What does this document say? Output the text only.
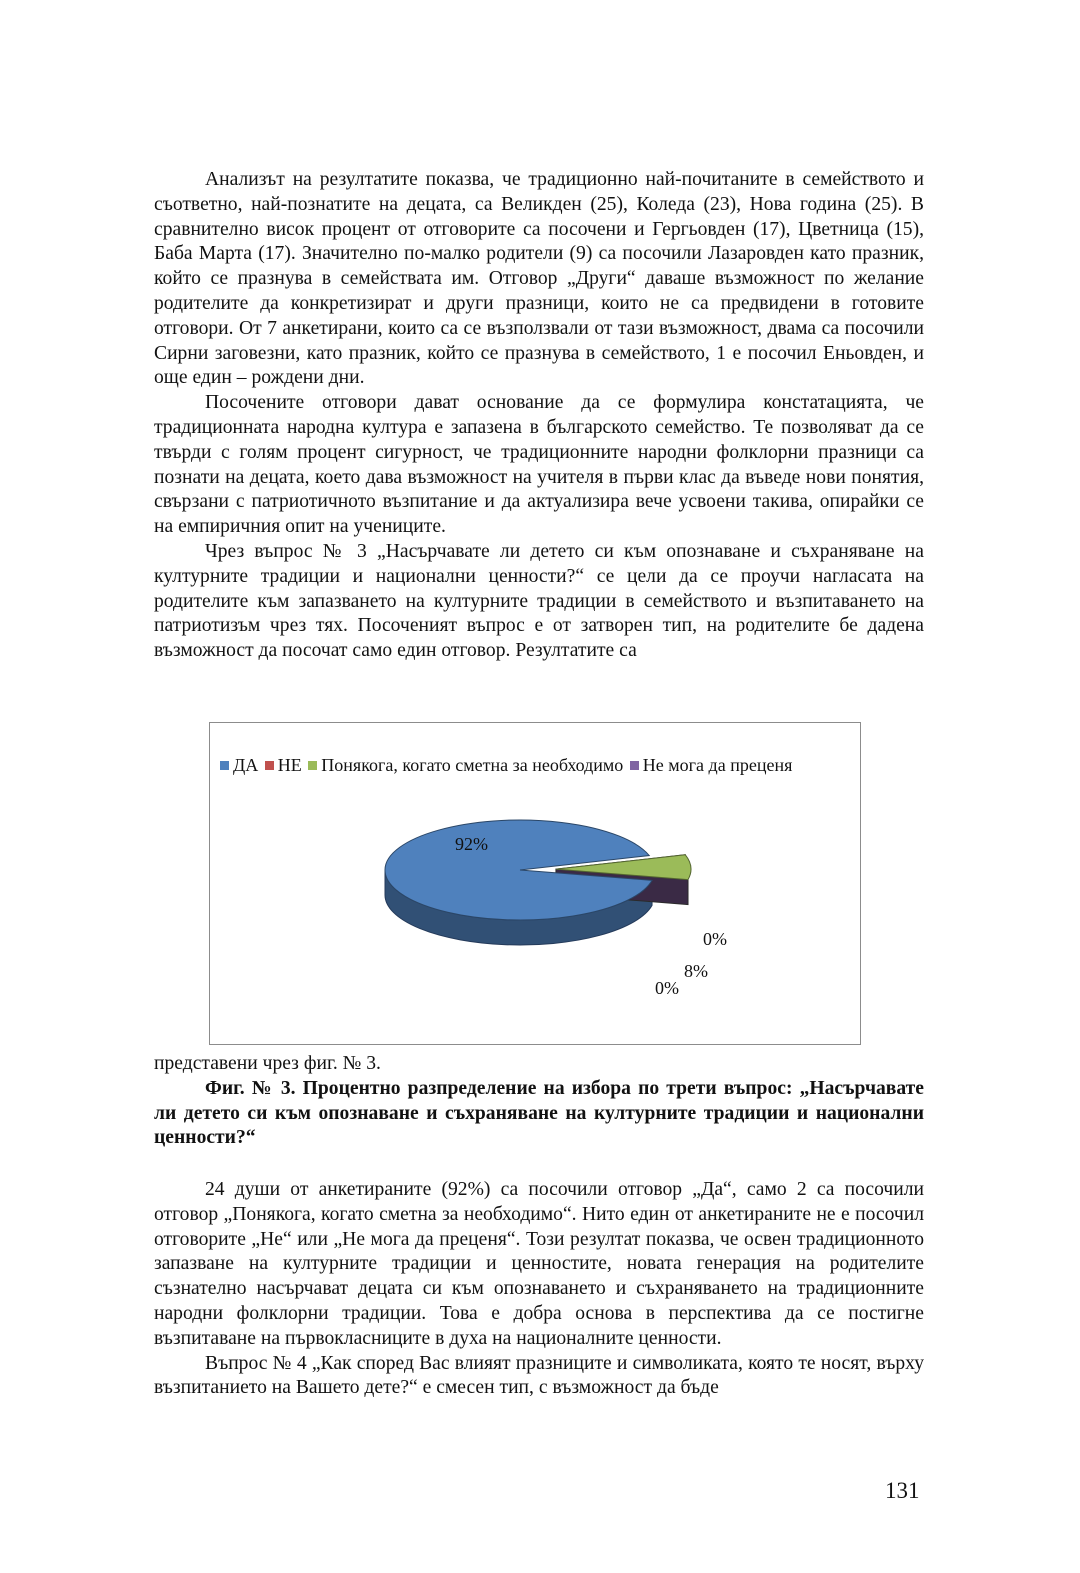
Анализът на резултатите показва, че традиционно най-почитаните в семейството и съответно, най-познатите на децата, са Великден (25), Коледа (23), Нова година (25). В сравнително висок процент от отговорите са посочени и Гергьовден (17), Цветница (15), Баба Марта (17). Значително по-малко родители (9) са посочили Лазаровден като празник, който се празнува в семействата им. Отговор „Други“ даваше възможност по желание родителите да конкретизират и други празници, които не са предвидени в готовите отговори. От 7 анкетирани, които са се възползвали от тази възможност, двама са посочили Сирни заговезни, като празник, който се празнува в семейството, 1 е посочил Еньовден, и още един – рождени дни.

Посочените отговори дават основание да се формулира констатацията, че традиционната народна култура е запазена в българското семейство. Те позволяват да се твърди с голям процент сигурност, че традиционните народни фолклорни празници са познати на децата, което дава възможност на учителя в първи клас да въведе нови понятия, свързани с патриотичното възпитание и да актуализира вече усвоени такива, опирайки се на емпиричния опит на учениците.

Чрез въпрос № 3 „Насърчавате ли детето си към опознаване и съхраняване на културните традиции и национални ценности?“ се цели да се проучи нагласата на родителите към запазването на културните традиции в семейството и възпитаването на патриотизъм чрез тях. Посоченият въпрос е от затворен тип, на родителите бе дадена възможност да посочат само един отговор. Резултатите са

ДА НЕ Понякога, когато сметна за необходимо Не мога да преценя
92%
0%
8%
0%

представени чрез фиг. № 3.

Фиг. № 3. Процентно разпределение на избора по трети въпрос: „Насърчавате ли детето си към опознаване и съхраняване на културните традиции и национални ценности?“

24 души от анкетираните (92%) са посочили отговор „Да“, само 2 са посочили отговор „Понякога, когато сметна за необходимо“. Нито един от анкетираните не е посочил отговорите „Не“ или „Не мога да преценя“. Този резултат показва, че освен традиционното запазване на културните традиции и ценностите, новата генерация на родителите съзнателно насърчават децата си към опознаването и съхраняването на традиционните народни фолклорни традиции. Това е добра основа в перспектива да се постигне възпитаване на първокласниците в духа на националните ценности.

Въпрос № 4 „Как според Вас влияят празниците и символиката, която те носят, върху възпитанието на Вашето дете?“ е смесен тип, с възможност да бъде

131
